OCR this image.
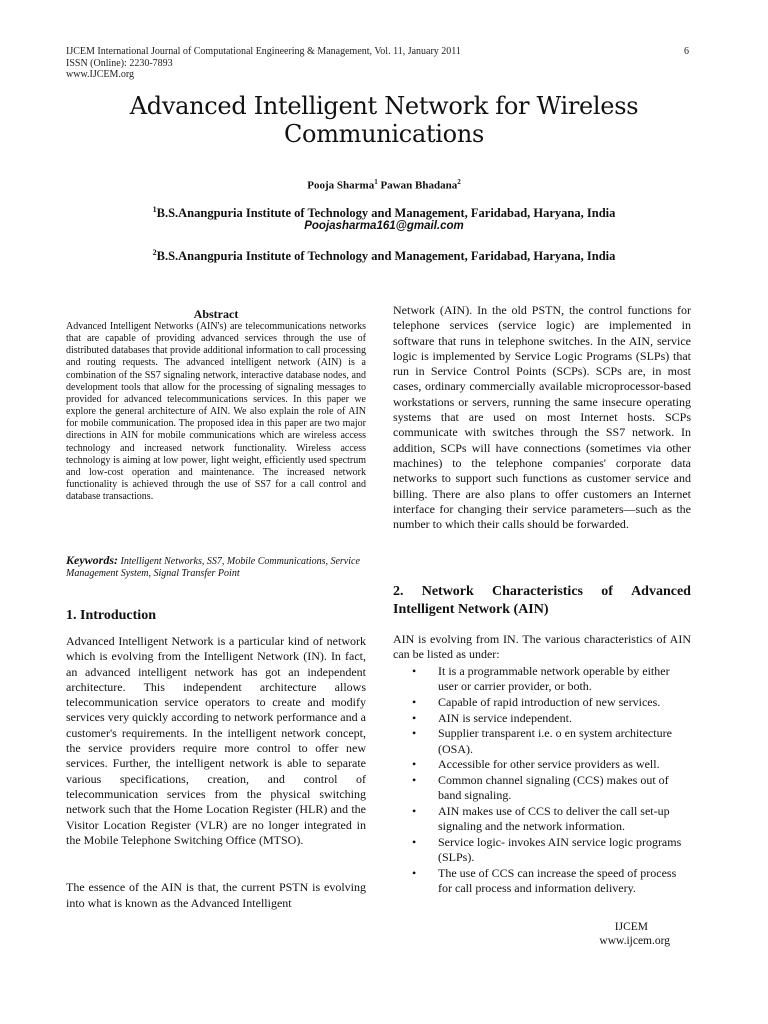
IJCEM International Journal of Computational Engineering & Management, Vol. 11, January 2011
ISSN (Online): 2230-7893
www.IJCEM.org
6
Advanced Intelligent Network for Wireless
Communications
Pooja Sharma$^1$ Pawan Bhadana$^2$
$^1$B.S.Anangpuria Institute of Technology and Management, Faridabad, Haryana, India
Poojasharma161@gmail.com
$^2$B.S.Anangpuria Institute of Technology and Management, Faridabad, Haryana, India
Abstract
Advanced Intelligent Networks (AIN's) are telecommunications networks that are capable of providing advanced services through the use of distributed databases that provide additional information to call processing and routing requests. The advanced intelligent network (AIN) is a combination of the SS7 signaling network, interactive database nodes, and development tools that allow for the processing of signaling messages to provided for advanced telecommunications services. In this paper we explore the general architecture of AIN. We also explain the role of AIN for mobile communication. The proposed idea in this paper are two major directions in AIN for mobile communications which are wireless access technology and increased network functionality. Wireless access technology is aiming at low power, light weight, efficiently used spectrum and low-cost operation and maintenance. The increased network functionality is achieved through the use of SS7 for a call control and database transactions.
Keywords: Intelligent Networks, SS7, Mobile Communications, Service Management System, Signal Transfer Point
1. Introduction
Advanced Intelligent Network is a particular kind of network which is evolving from the Intelligent Network (IN). In fact, an advanced intelligent network has got an independent architecture. This independent architecture allows telecommunication service operators to create and modify services very quickly according to network performance and a customer's requirements. In the intelligent network concept, the service providers require more control to offer new services. Further, the intelligent network is able to separate various specifications, creation, and control of telecommunication services from the physical switching network such that the Home Location Register (HLR) and the Visitor Location Register (VLR) are no longer integrated in the Mobile Telephone Switching Office (MTSO).
The essence of the AIN is that, the current PSTN is evolving into what is known as the Advanced Intelligent
Network (AIN). In the old PSTN, the control functions for telephone services (service logic) are implemented in software that runs in telephone switches. In the AIN, service logic is implemented by Service Logic Programs (SLPs) that run in Service Control Points (SCPs). SCPs are, in most cases, ordinary commercially available microprocessor-based workstations or servers, running the same insecure operating systems that are used on most Internet hosts. SCPs communicate with switches through the SS7 network. In addition, SCPs will have connections (sometimes via other machines) to the telephone companies' corporate data networks to support such functions as customer service and billing. There are also plans to offer customers an Internet interface for changing their service parameters—such as the number to which their calls should be forwarded.
2. Network Characteristics of Advanced
Intelligent Network (AIN)
AIN is evolving from IN. The various characteristics of AIN can be listed as under:
• It is a programmable network operable by either user or carrier provider, or both.
• Capable of rapid introduction of new services.
• AIN is service independent.
• Supplier transparent i.e. o en system architecture (OSA).
• Accessible for other service providers as well.
• Common channel signaling (CCS) makes out of band signaling.
• AIN makes use of CCS to deliver the call set-up signaling and the network information.
• Service logic- invokes AIN service logic programs (SLPs).
• The use of CCS can increase the speed of process for call process and information delivery.
IJCEM
www.ijcem.org
